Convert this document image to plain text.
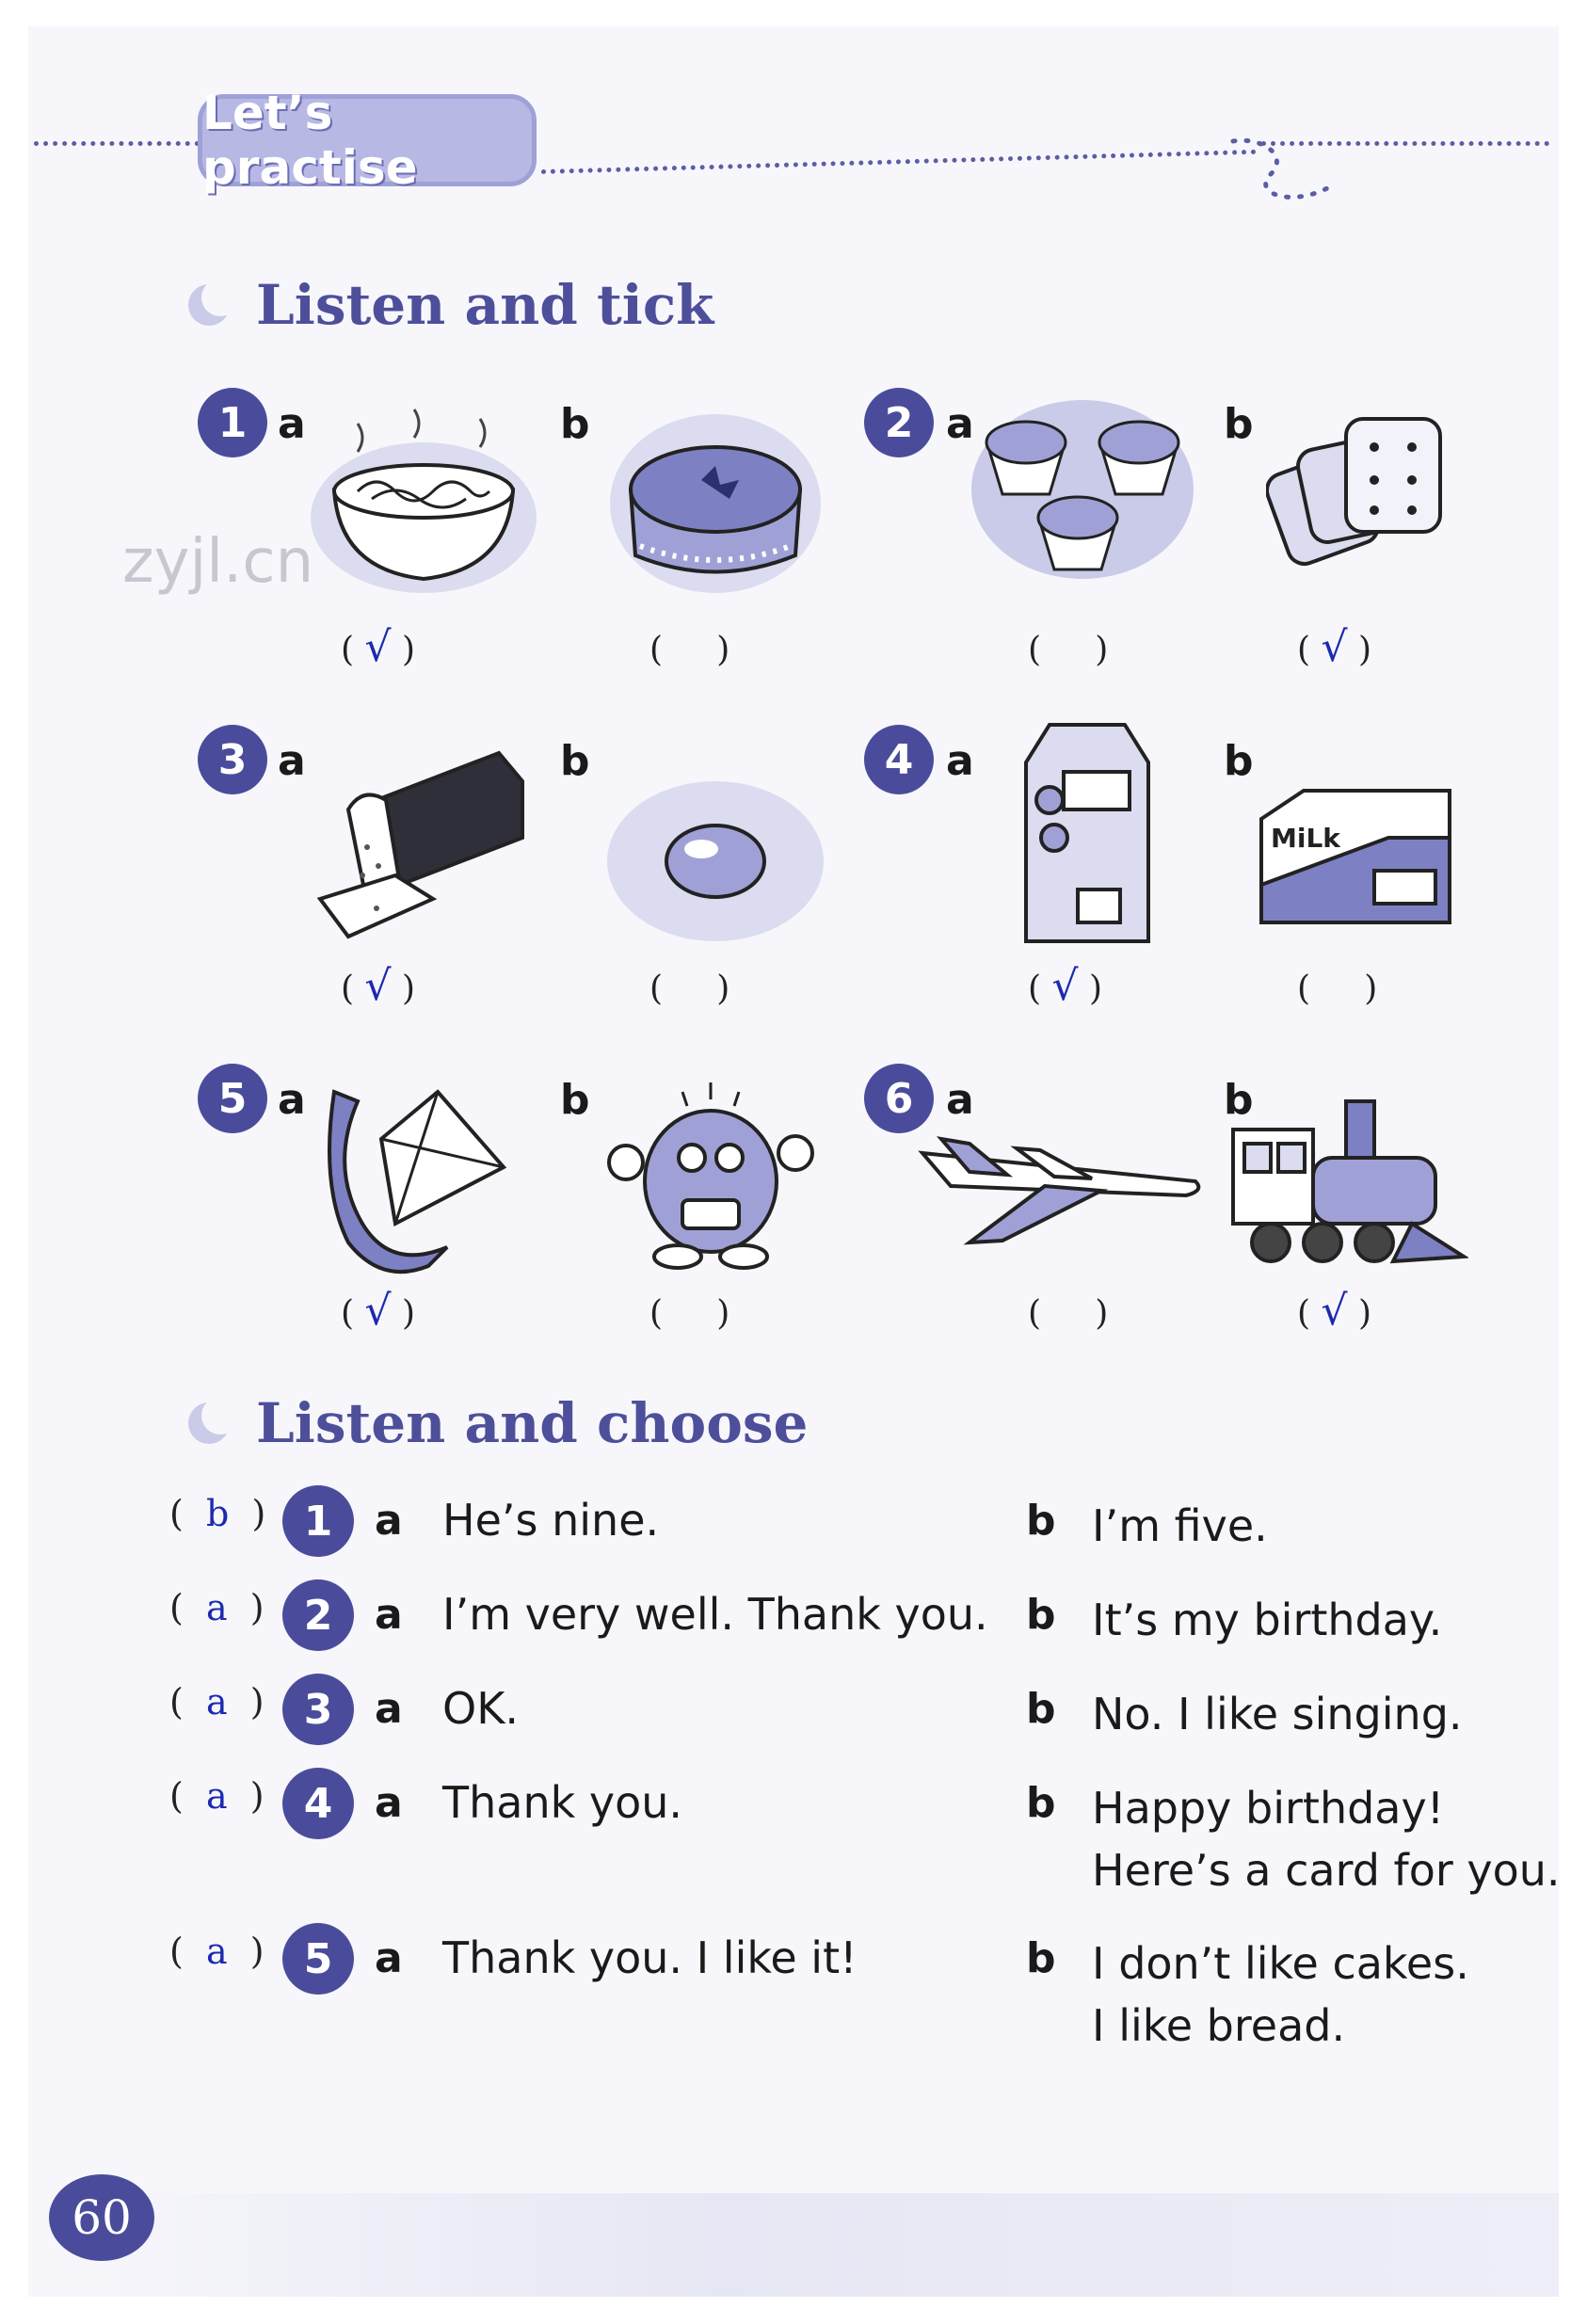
Let’s practise
Listen and tick
zyjl.cn
1 a	b
( √ )	(     )
2 a	b
(     )	( √ )
3 a	b
( √ )	(     )
4 a	b
MiLk
( √ )	(     )
5 a	b
( √ )	(     )
6 a	b
(     )	( √ )
Listen and choose
(  b  ) 1	a He’s nine.	b I’m five.
(  a  ) 2	a I’m very well. Thank you. b It’s my birthday.
(  a  ) 3	a OK.	b No. I like singing.
(  a  ) 4	a Thank you.	b Happy birthday!
Here’s a card for you.
(  a  ) 5	a Thank you. I like it!	b I don’t like cakes.
I like bread.
60
